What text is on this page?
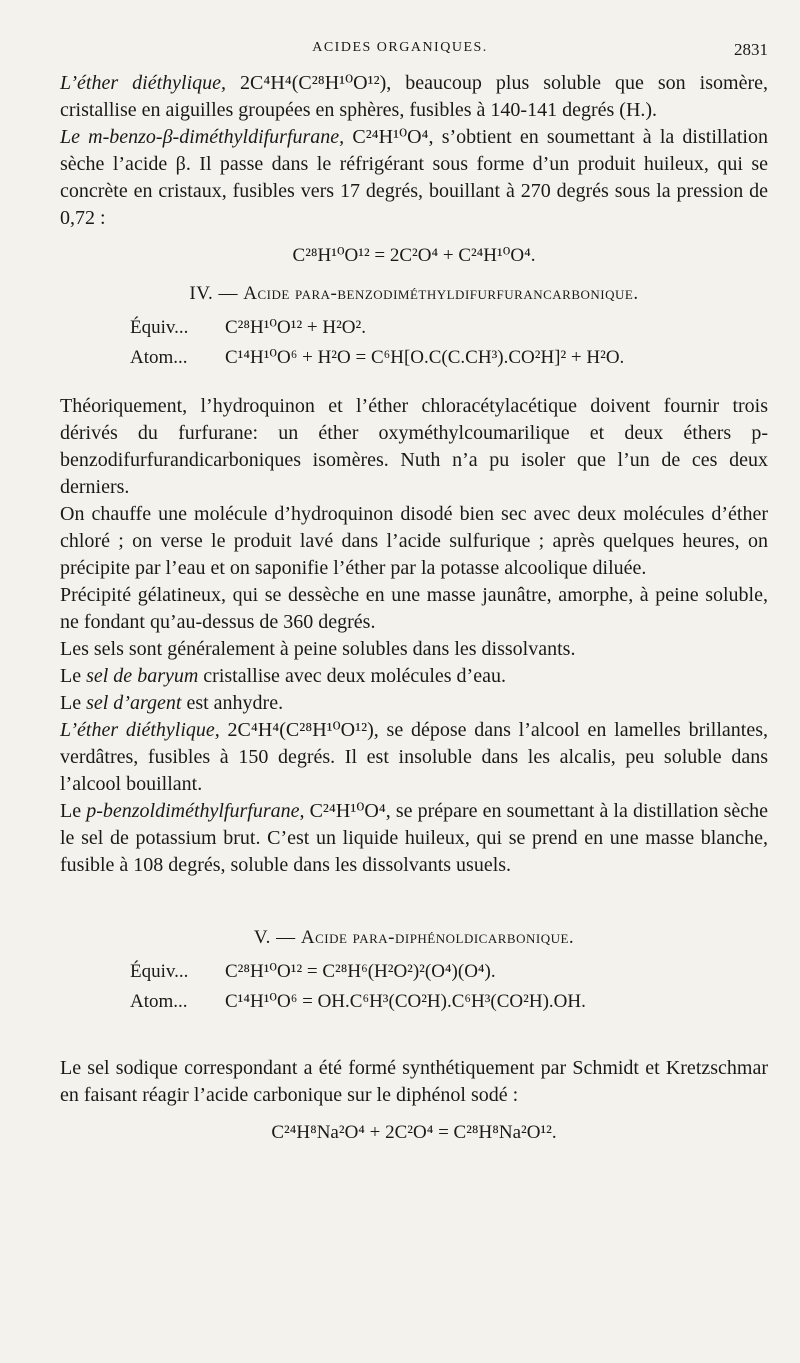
ACIDES ORGANIQUES.	2831

L’éther diéthylique, 2C⁴H⁴(C²⁸H¹⁰O¹²), beaucoup plus soluble que son isomère, cristallise en aiguilles groupées en sphères, fusibles à 140-141 degrés (H.).

Le m-benzo-β-diméthyldifurfurane, C²⁴H¹⁰O⁴, s’obtient en soumettant à la distillation sèche l’acide β. Il passe dans le réfrigérant sous forme d’un produit huileux, qui se concrète en cristaux, fusibles vers 17 degrés, bouillant à 270 degrés sous la pression de 0,72 :

C²⁸H¹⁰O¹² = 2C²O⁴ + C²⁴H¹⁰O⁴.
IV. — Acide para-benzodiméthyldifurfurancarbonique.
Équiv... C²⁸H¹⁰O¹² + H²O².
Atom... C¹⁴H¹⁰O⁶ + H²O = C⁶H[O.C(C.CH³).CO²H]² + H²O.

Théoriquement, l’hydroquinon et l’éther chloracétylacétique doivent fournir trois dérivés du furfurane: un éther oxyméthylcoumarilique et deux éthers p-benzodifurfurandicarboniques isomères. Nuth n’a pu isoler que l’un de ces deux derniers.

On chauffe une molécule d’hydroquinon disodé bien sec avec deux molécules d’éther chloré ; on verse le produit lavé dans l’acide sulfurique ; après quelques heures, on précipite par l’eau et on saponifie l’éther par la potasse alcoolique diluée.

Précipité gélatineux, qui se dessèche en une masse jaunâtre, amorphe, à peine soluble, ne fondant qu’au-dessus de 360 degrés.

Les sels sont généralement à peine solubles dans les dissolvants.

Le sel de baryum cristallise avec deux molécules d’eau.

Le sel d’argent est anhydre.

L’éther diéthylique, 2C⁴H⁴(C²⁸H¹⁰O¹²), se dépose dans l’alcool en lamelles brillantes, verdâtres, fusibles à 150 degrés. Il est insoluble dans les alcalis, peu soluble dans l’alcool bouillant.

Le p-benzoldiméthylfurfurane, C²⁴H¹⁰O⁴, se prépare en soumettant à la distillation sèche le sel de potassium brut. C’est un liquide huileux, qui se prend en une masse blanche, fusible à 108 degrés, soluble dans les dissolvants usuels.

V. — Acide para-diphénoldicarbonique.
Équiv... C²⁸H¹⁰O¹² = C²⁸H⁶(H²O²)²(O⁴)(O⁴).
Atom... C¹⁴H¹⁰O⁶ = OH.C⁶H³(CO²H).C⁶H³(CO²H).OH.

Le sel sodique correspondant a été formé synthétiquement par Schmidt et Kretzschmar en faisant réagir l’acide carbonique sur le diphénol sodé :

C²⁴H⁸Na²O⁴ + 2C²O⁴ = C²⁸H⁸Na²O¹².
